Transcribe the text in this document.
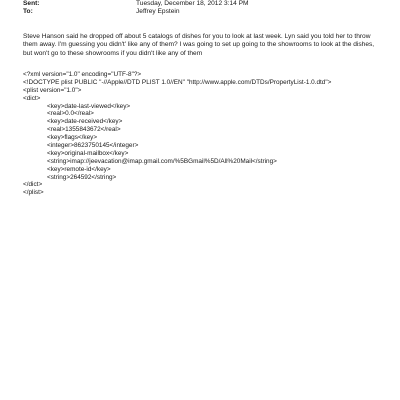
Sent:	Tuesday, December 18, 2012 3:14 PM
To:	Jeffrey Epstein

Steve Hanson said he dropped off about 5 catalogs of dishes for you to look at last week. Lyn said you told her to throw them away. I'm guessing you didn't' like any of them? I was going to set up going to the showrooms to look at the dishes, but won't go to these showrooms if you didn't like any of them

<?xml version="1.0" encoding="UTF-8"?>
<!DOCTYPE plist PUBLIC "-//Apple//DTD PLIST 1.0//EN" "http://www.apple.com/DTDs/PropertyList-1.0.dtd">
<plist version="1.0">
<dict>
<key>date-last-viewed</key>
<real>0.0</real>
<key>date-received</key>
<real>1355843672</real>
<key>flags</key>
<integer>8623750145</integer>
<key>original-mailbox</key>
<string>imap://jeevacation@imap.gmail.com/%5BGmail%5D/All%20Mail</string>
<key>remote-id</key>
<string>264592</string>
</dict>
</plist>
